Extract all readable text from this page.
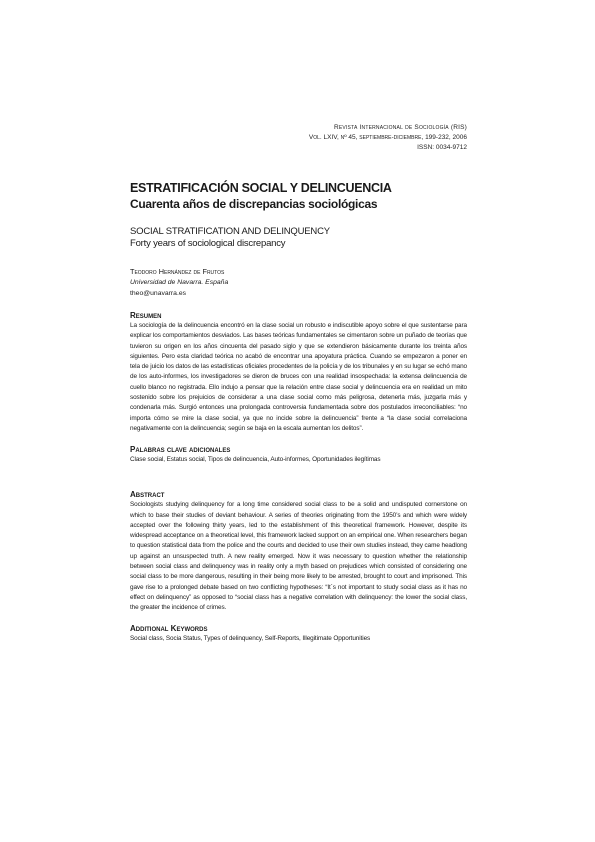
Revista Internacional de Sociología (RIS)
Vol. LXIV, nº 45, septiembre-diciembre, 199-232, 2006
ISSN: 0034-9712
ESTRATIFICACIÓN SOCIAL Y DELINCUENCIA
Cuarenta años de discrepancias sociológicas
SOCIAL STRATIFICATION AND DELINQUENCY
Forty years of sociological discrepancy
Teodoro Hernández de Frutos
Universidad de Navarra. España
theo@unavarra.es
Resumen

La sociología de la delincuencia encontró en la clase social un robusto e indiscutible apoyo sobre el que sustentarse para explicar los comportamientos desviados. Las bases teóricas fundamentales se cimentaron sobre un puñado de teorías que tuvieron su origen en los años cincuenta del pasado siglo y que se extendieron básicamente durante los treinta años siguientes. Pero esta claridad teórica no acabó de encontrar una apoyatura práctica. Cuando se empezaron a poner en tela de juicio los datos de las estadísticas oficiales procedentes de la policía y de los tribunales y en su lugar se echó mano de los auto-informes, los investigadores se dieron de bruces con una realidad insospechada: la extensa delincuencia de cuello blanco no registrada. Ello indujo a pensar que la relación entre clase social y delincuencia era en realidad un mito sostenido sobre los prejuicios de considerar a una clase social como más peligrosa, detenerla más, juzgarla más y condenarla más. Surgió entonces una prolongada controversia fundamentada sobre dos postulados irreconciliables: “no importa cómo se mire la clase social, ya que no incide sobre la delincuencia” frente a “la clase social correlaciona negativamente con la delincuencia; según se baja en la escala aumentan los delitos”.

Palabras clave adicionales

Clase social, Estatus social, Tipos de delincuencia, Auto-informes, Oportunidades ilegítimas

Abstract

Sociologists studying delinquency for a long time considered social class to be a solid and undisputed cornerstone on which to base their studies of deviant behaviour. A series of theories originating from the 1950’s and which were widely accepted over the following thirty years, led to the establishment of this theoretical framework. However, despite its widespread acceptance on a theoretical level, this framework lacked support on an empirical one. When researchers began to question statistical data from the police and the courts and decided to use their own studies instead, they came headlong up against an unsuspected truth. A new reality emerged. Now it was necessary to question whether the relationship between social class and delinquency was in reality only a myth based on prejudices which consisted of considering one social class to be more dangerous, resulting in their being more likely to be arrested, brought to court and imprisoned. This gave rise to a prolonged debate based on two conflicting hypotheses: “It´s not important to study social class as it has no effect on delinquency” as opposed to “social class has a negative correlation with delinquency: the lower the social class, the greater the incidence of crimes.

Additional Keywords

Social class, Socia Status, Types of delinquency, Self-Reports, Illegitimate Opportunities
